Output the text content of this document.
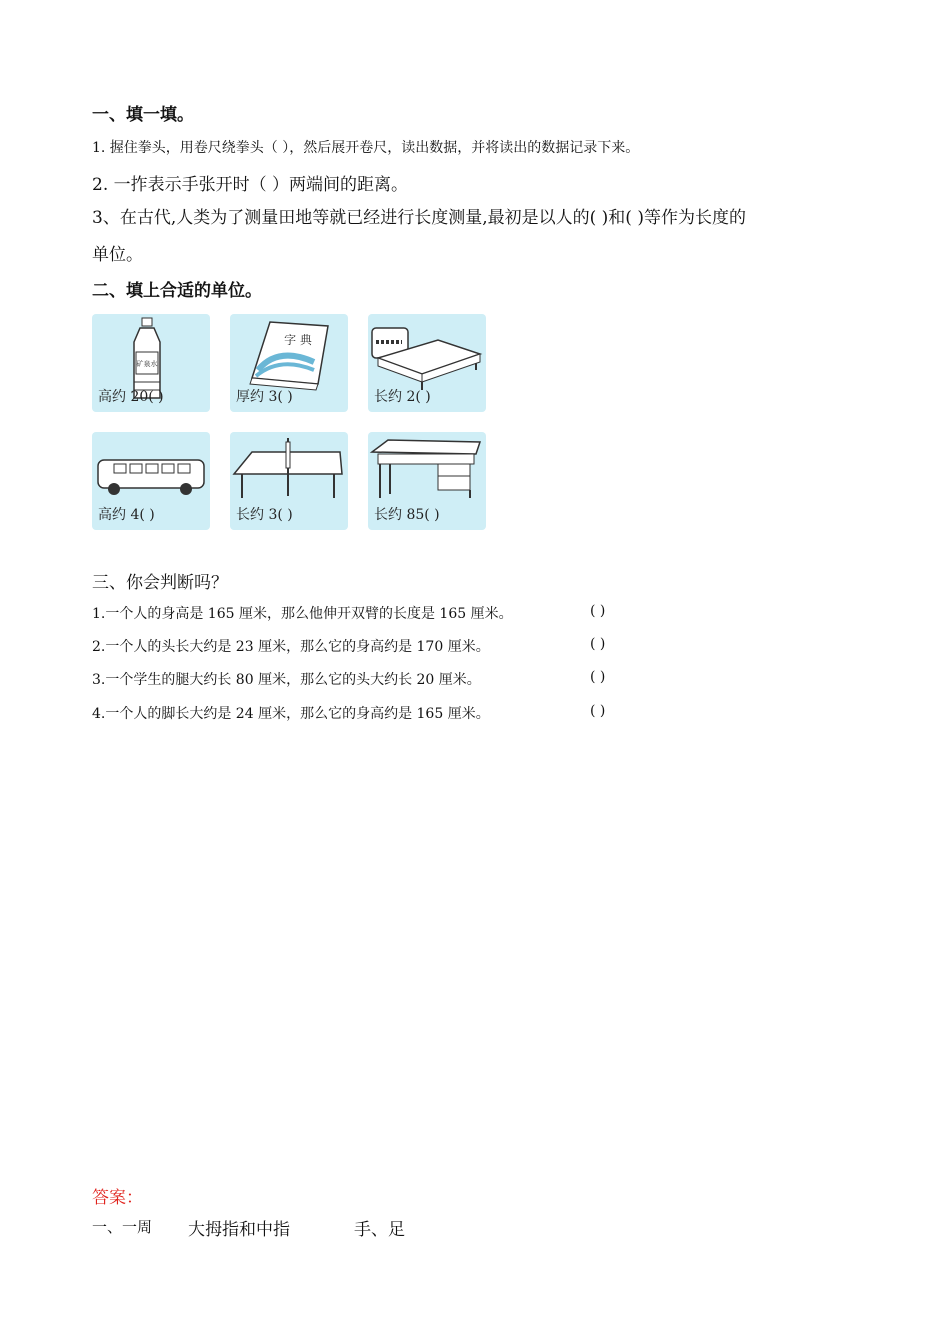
一、填一填。
1. 握住拳头，用卷尺绕拳头（ ），然后展开卷尺，读出数据，并将读出的数据记录下来。
2. 一拃表示手张开时（ ）两端间的距离。
3、在古代,人类为了测量田地等就已经进行长度测量,最初是以人的( )和( )等作为长度的
单位。
二、填上合适的单位。
矿泉水
高约 20( )
字 典
厚约 3( )	长约 2( )
高约 4( )	长约 3( )	长约 85( )
三、你会判断吗？
1.一个人的身高是 165 厘米，那么他伸开双臂的长度是 165 厘米。	( )
2.一个人的头长大约是 23 厘米，那么它的身高约是 170 厘米。	( )
3.一个学生的腿大约长 80 厘米，那么它的头大约长 20 厘米。	( )
4.一个人的脚长大约是 24 厘米，那么它的身高约是 165 厘米。	( )
答案：
一、一周 大拇指和中指	手、足
